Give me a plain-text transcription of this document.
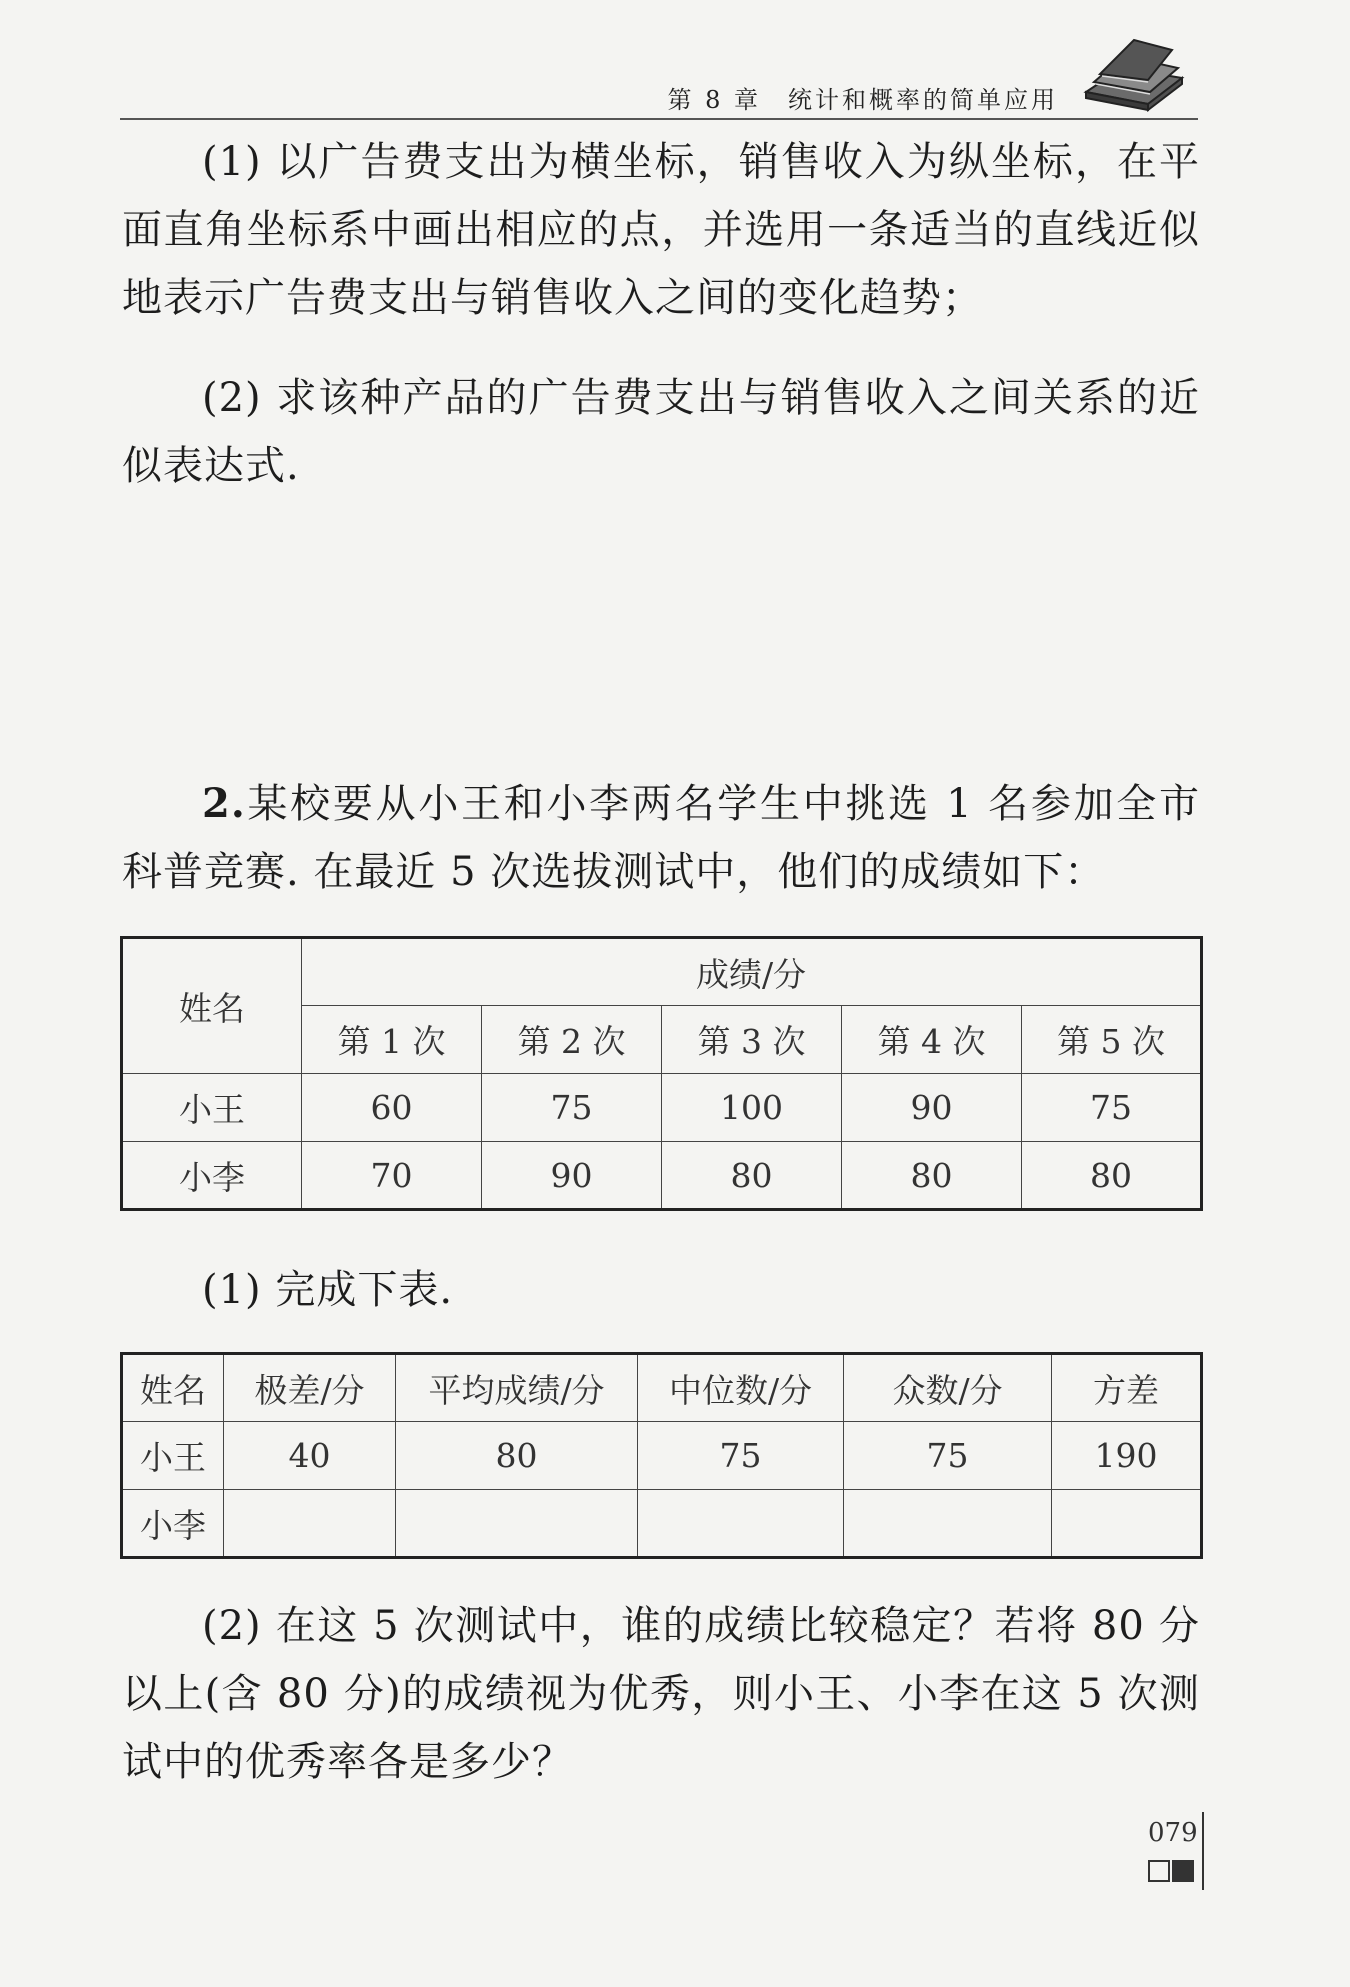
第 8 章　统计和概率的简单应用

(1) 以广告费支出为横坐标，销售收入为纵坐标，在平面直角坐标系中画出相应的点，并选用一条适当的直线近似地表示广告费支出与销售收入之间的变化趋势；

(2) 求该种产品的广告费支出与销售收入之间关系的近似表达式.

2.某校要从小王和小李两名学生中挑选 1 名参加全市科普竞赛. 在最近 5 次选拔测试中，他们的成绩如下：

姓名	成绩/分				
	第 1 次	第 2 次	第 3 次	第 4 次	第 5 次
小王	60	75	100	90	75
小李	70	90	80	80	80

(1) 完成下表.

姓名	极差/分	平均成绩/分	中位数/分	众数/分	方差
小王	40	80	75	75	190
小李					

(2) 在这 5 次测试中，谁的成绩比较稳定？若将 80 分以上(含 80 分)的成绩视为优秀，则小王、小李在这 5 次测试中的优秀率各是多少？

079
